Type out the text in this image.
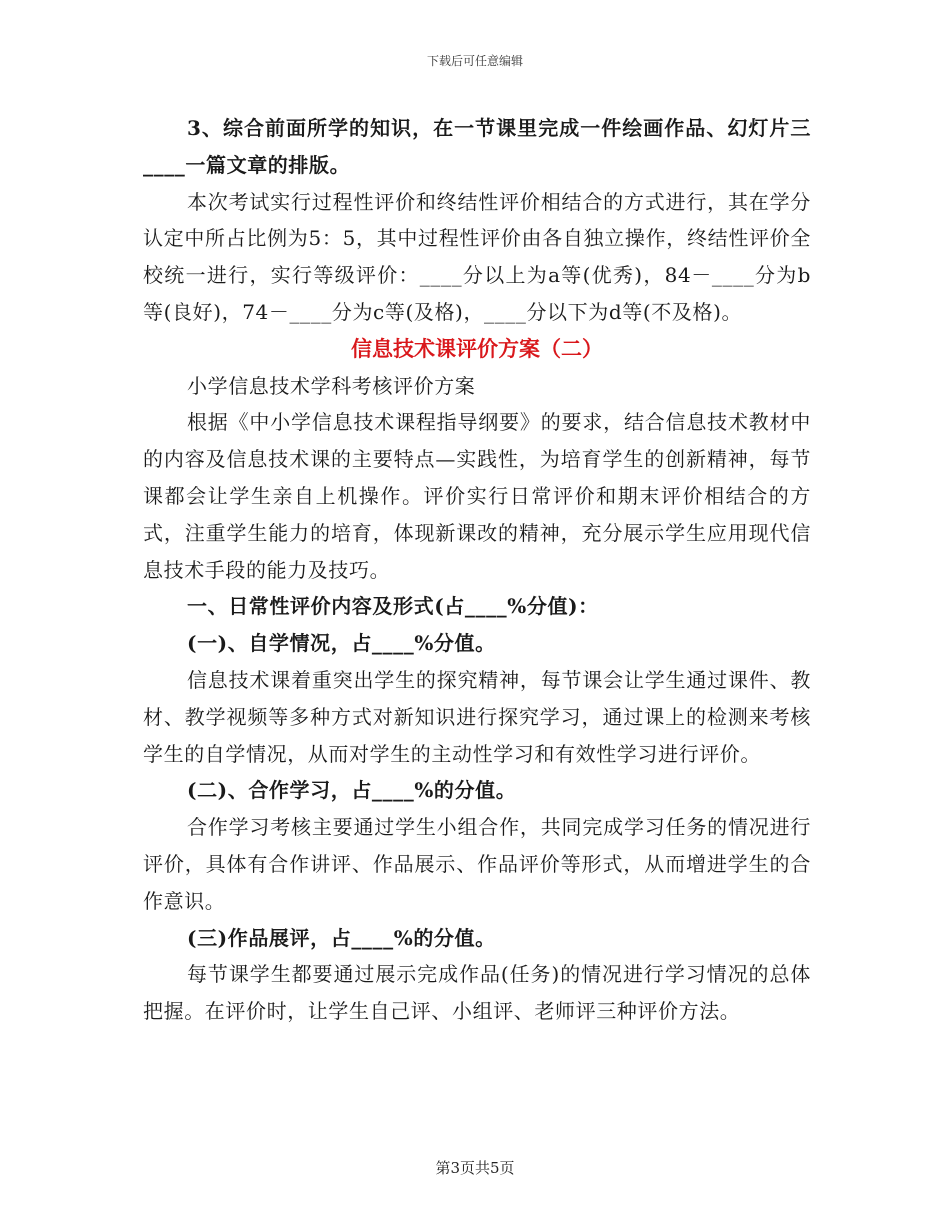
下载后可任意编辑

3、综合前面所学的知识，在一节课里完成一件绘画作品、幻灯片三____一篇文章的排版。

本次考试实行过程性评价和终结性评价相结合的方式进行，其在学分认定中所占比例为5：5，其中过程性评价由各自独立操作，终结性评价全校统一进行，实行等级评价：____分以上为a等(优秀)，84－____分为b等(良好)，74－____分为c等(及格)，____分以下为d等(不及格)。

信息技术课评价方案（二）

小学信息技术学科考核评价方案

根据《中小学信息技术课程指导纲要》的要求，结合信息技术教材中的内容及信息技术课的主要特点—实践性，为培育学生的创新精神，每节课都会让学生亲自上机操作。评价实行日常评价和期末评价相结合的方式，注重学生能力的培育，体现新课改的精神，充分展示学生应用现代信息技术手段的能力及技巧。

一、日常性评价内容及形式(占____%分值)：

(一)、自学情况，占____%分值。

信息技术课着重突出学生的探究精神，每节课会让学生通过课件、教材、教学视频等多种方式对新知识进行探究学习，通过课上的检测来考核学生的自学情况，从而对学生的主动性学习和有效性学习进行评价。

(二)、合作学习，占____%的分值。

合作学习考核主要通过学生小组合作，共同完成学习任务的情况进行评价，具体有合作讲评、作品展示、作品评价等形式，从而增进学生的合作意识。

(三)作品展评，占____%的分值。

每节课学生都要通过展示完成作品(任务)的情况进行学习情况的总体把握。在评价时，让学生自己评、小组评、老师评三种评价方法。

第3页共5页
